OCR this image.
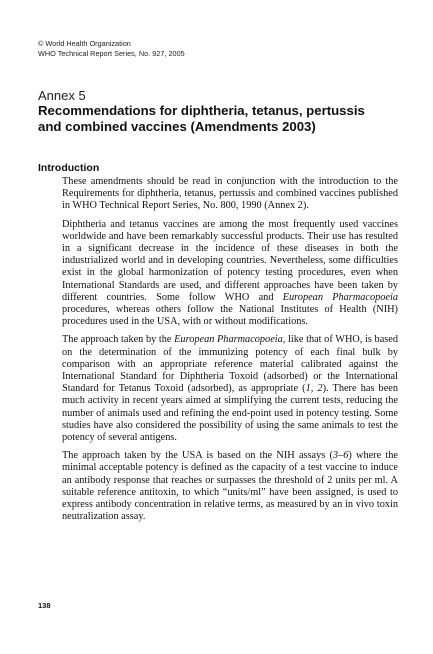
© World Health Organization
WHO Technical Report Series, No. 927, 2005
Annex 5
Recommendations for diphtheria, tetanus, pertussis
and combined vaccines (Amendments 2003)
Introduction

These amendments should be read in conjunction with the introduction to the Requirements for diphtheria, tetanus, pertussis and combined vaccines published in WHO Technical Report Series, No. 800, 1990 (Annex 2).

Diphtheria and tetanus vaccines are among the most frequently used vaccines worldwide and have been remarkably successful products. Their use has resulted in a significant decrease in the incidence of these diseases in both the industrialized world and in developing countries. Nevertheless, some difficulties exist in the global harmonization of potency testing procedures, even when International Standards are used, and different approaches have been taken by different countries. Some follow WHO and European Pharmacopoeia procedures, whereas others follow the National Institutes of Health (NIH) procedures used in the USA, with or without modifications.

The approach taken by the European Pharmacopoeia, like that of WHO, is based on the determination of the immunizing potency of each final bulk by comparison with an appropriate reference material calibrated against the International Standard for Diphtheria Toxoid (adsorbed) or the International Standard for Tetanus Toxoid (adsorbed), as appropriate (1, 2). There has been much activity in recent years aimed at simplifying the current tests, reducing the number of animals used and refining the end-point used in potency testing. Some studies have also considered the possibility of using the same animals to test the potency of several antigens.

The approach taken by the USA is based on the NIH assays (3–6) where the minimal acceptable potency is defined as the capacity of a test vaccine to induce an antibody response that reaches or surpasses the threshold of 2 units per ml. A suitable reference antitoxin, to which “units/ml” have been assigned, is used to express antibody concentration in relative terms, as measured by an in vivo toxin neutralization assay.

138
